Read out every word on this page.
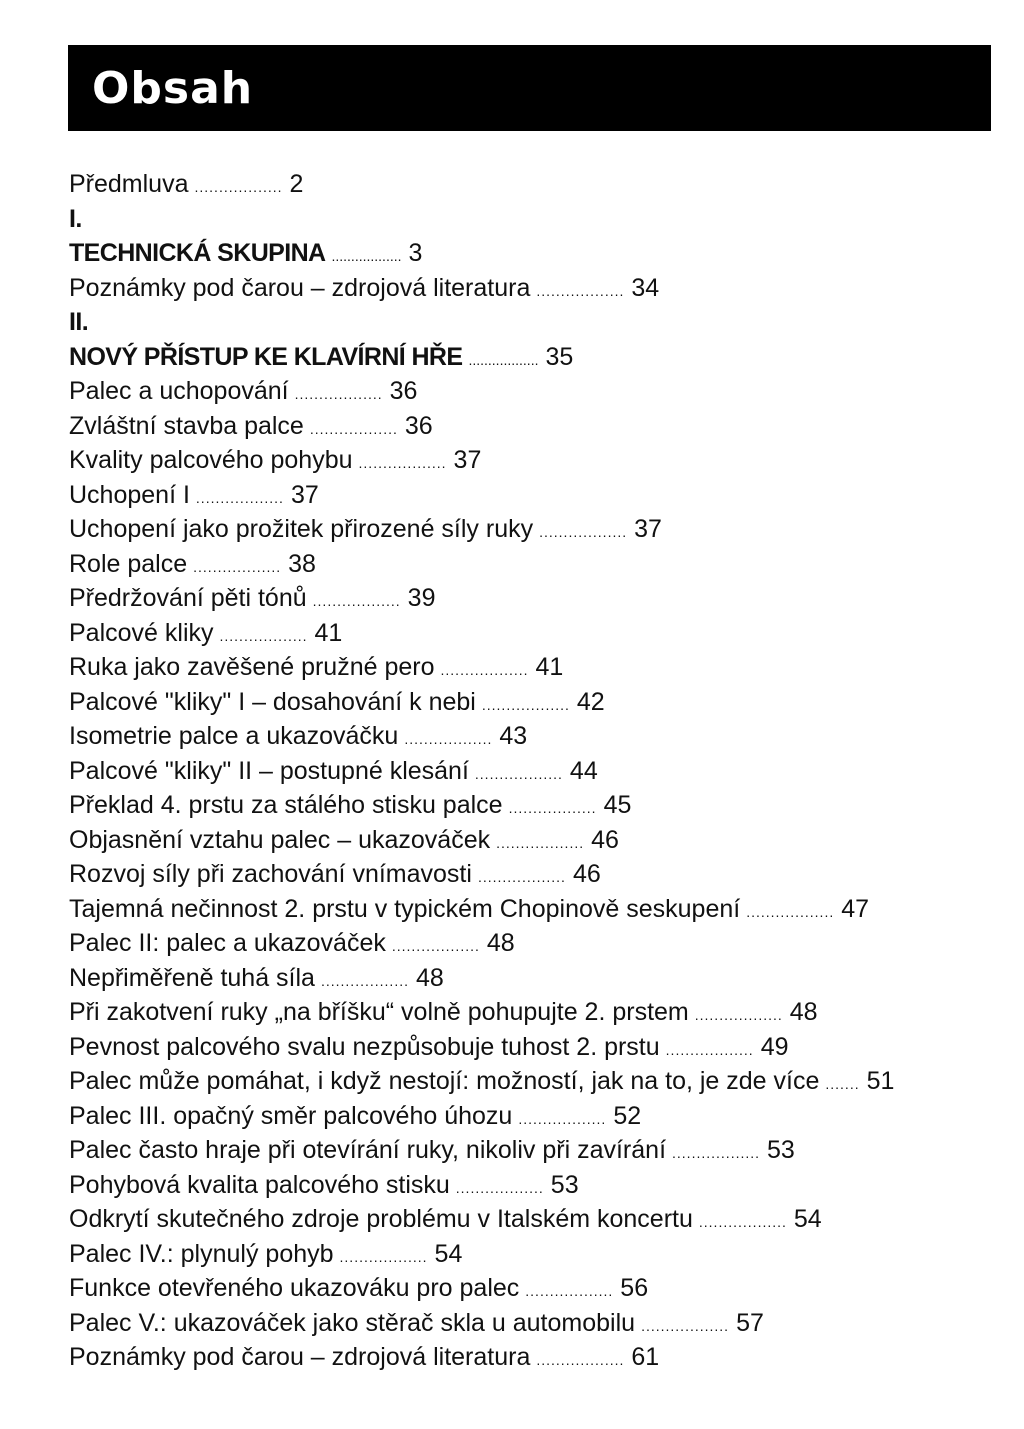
Obsah
Předmluva .................. 2
I.
TECHNICKÁ SKUPINA .................. 3
Poznámky pod čarou – zdrojová literatura .................. 34
II.
NOVÝ PŘÍSTUP KE KLAVÍRNÍ HŘE .................. 35
Palec a uchopování .................. 36
Zvláštní stavba palce .................. 36
Kvality palcového pohybu .................. 37
Uchopení I .................. 37
Uchopení jako prožitek přirozené síly ruky .................. 37
Role palce .................. 38
Předržování pěti tónů .................. 39
Palcové kliky .................. 41
Ruka jako zavěšené pružné pero .................. 41
Palcové "kliky" I – dosahování k nebi .................. 42
Isometrie palce a ukazováčku .................. 43
Palcové "kliky" II – postupné klesání .................. 44
Překlad 4. prstu za stálého stisku palce .................. 45
Objasnění vztahu palec – ukazováček .................. 46
Rozvoj síly při zachování vnímavosti .................. 46
Tajemná nečinnost 2. prstu v typickém Chopinově seskupení .................. 47
Palec II: palec a ukazováček .................. 48
Nepřiměřeně tuhá síla .................. 48
Při zakotvení ruky „na bříšku“ volně pohupujte 2. prstem .................. 48
Pevnost palcového svalu nezpůsobuje tuhost 2. prstu .................. 49
Palec může pomáhat, i když nestojí: možností, jak na to, je zde více ....... 51
Palec III. opačný směr palcového úhozu .................. 52
Palec často hraje při otevírání ruky, nikoliv při zavírání .................. 53
Pohybová kvalita palcového stisku .................. 53
Odkrytí skutečného zdroje problému v Italském koncertu .................. 54
Palec IV.: plynulý pohyb .................. 54
Funkce otevřeného ukazováku pro palec .................. 56
Palec V.: ukazováček jako stěrač skla u automobilu .................. 57
Poznámky pod čarou – zdrojová literatura .................. 61
